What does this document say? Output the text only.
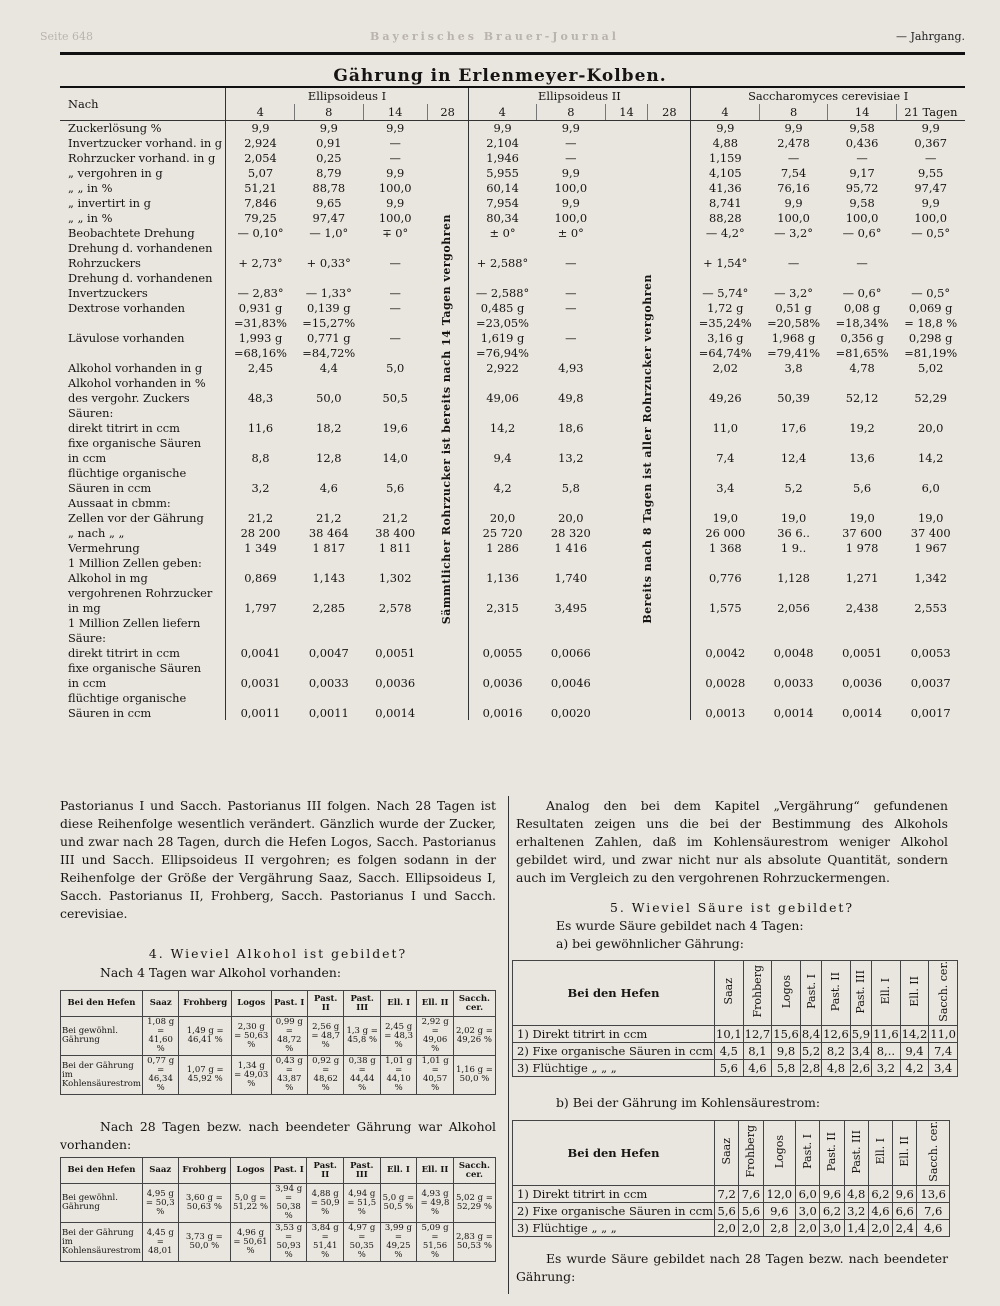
Seite 648	Bayerisches Brauer-Journal	— Jahrgang.
Gährung in Erlenmeyer-Kolben.
Nach	Ellipsoideus I				Ellipsoideus II				Saccharomyces cerevisiae I			
	4	8	14	28	4	8	14	28	4	8	14	21 Tagen
Zuckerlösung %	9,9	9,9	9,9	Sämmtlicher Rohrzucker ist bereits nach 14 Tagen vergohren	9,9	9,9	Bereits nach 8 Tagen ist aller Rohrzucker vergohren		9,9	9,9	9,58	9,9
Invertzucker vorhand. in g	2,924	0,91	—		2,104	—			4,88	2,478	0,436	0,367
Rohrzucker vorhand. in g	2,054	0,25	—		1,946	—			1,159	—	—	—
„ vergohren in g	5,07	8,79	9,9		5,955	9,9			4,105	7,54	9,17	9,55
„ „ in %	51,21	88,78	100,0		60,14	100,0			41,36	76,16	95,72	97,47
„ invertirt in g	7,846	9,65	9,9		7,954	9,9			8,741	9,9	9,58	9,9
„ „ in %	79,25	97,47	100,0		80,34	100,0			88,28	100,0	100,0	100,0
Beobachtete Drehung	— 0,10°	— 1,0°	∓ 0°		± 0°	± 0°			— 4,2°	— 3,2°	— 0,6°	— 0,5°
Drehung d. vorhandenen												
Rohrzuckers	+ 2,73°	+ 0,33°	—		+ 2,588°	—			+ 1,54°	—	—	
Drehung d. vorhandenen												
Invertzuckers	— 2,83°	— 1,33°	—		— 2,588°	—			— 5,74°	— 3,2°	— 0,6°	— 0,5°
Dextrose vorhanden	0,931 g	0,139 g	—		0,485 g	—			1,72 g	0,51 g	0,08 g	0,069 g
	=31,83%	=15,27%			=23,05%				=35,24%	=20,58%	=18,34%	= 18,8 %
Lävulose vorhanden	1,993 g	0,771 g	—		1,619 g	—			3,16 g	1,968 g	0,356 g	0,298 g
	=68,16%	=84,72%			=76,94%				=64,74%	=79,41%	=81,65%	=81,19%
Alkohol vorhanden in g	2,45	4,4	5,0		2,922	4,93			2,02	3,8	4,78	5,02
Alkohol vorhanden in %												
des vergohr. Zuckers	48,3	50,0	50,5		49,06	49,8			49,26	50,39	52,12	52,29
Säuren:												
direkt titrirt in ccm	11,6	18,2	19,6		14,2	18,6			11,0	17,6	19,2	20,0
fixe organische Säuren												
in ccm	8,8	12,8	14,0		9,4	13,2			7,4	12,4	13,6	14,2
flüchtige organische												
Säuren in ccm	3,2	4,6	5,6		4,2	5,8			3,4	5,2	5,6	6,0
Aussaat in cbmm:												
Zellen vor der Gährung	21,2	21,2	21,2		20,0	20,0			19,0	19,0	19,0	19,0
„ nach „ „	28 200	38 464	38 400		25 720	28 320			26 000	36 6..	37 600	37 400
Vermehrung	1 349	1 817	1 811		1 286	1 416			1 368	1 9..	1 978	1 967
1 Million Zellen geben:												
Alkohol in mg	0,869	1,143	1,302		1,136	1,740			0,776	1,128	1,271	1,342
vergohrenen Rohrzucker												
in mg	1,797	2,285	2,578		2,315	3,495			1,575	2,056	2,438	2,553
1 Million Zellen liefern												
Säure:												
direkt titrirt in ccm	0,0041	0,0047	0,0051		0,0055	0,0066			0,0042	0,0048	0,0051	0,0053
fixe organische Säuren												
in ccm	0,0031	0,0033	0,0036		0,0036	0,0046			0,0028	0,0033	0,0036	0,0037
flüchtige organische												
Säuren in ccm	0,0011	0,0011	0,0014		0,0016	0,0020			0,0013	0,0014	0,0014	0,0017
Pastorianus I und Sacch. Pastorianus III folgen. Nach 28 Tagen ist diese Reihenfolge wesentlich verändert. Gänzlich wurde der Zucker, und zwar nach 28 Tagen, durch die Hefen Logos, Sacch. Pastorianus III und Sacch. Ellipsoideus II vergohren; es folgen sodann in der Reihenfolge der Größe der Vergährung Saaz, Sacch. Ellipsoideus I, Sacch. Pastorianus II, Frohberg, Sacch. Pastorianus I und Sacch. cerevisiae.
4. Wieviel Alkohol ist gebildet?
Nach 4 Tagen war Alkohol vorhanden:
Bei den Hefen	Saaz	Frohberg	Logos	Past. I	Past. II	Past. III	Ell. I	Ell. II	Sacch. cer.
Bei gewöhnl. Gährung	1,08 g = 41,60 %	1,49 g = 46,41 %	2,30 g = 50,63 %	0,99 g = 48,72 %	2,56 g = 48,7 %	1,3 g = 45,8 %	2,45 g = 48,3 %	2,92 g = 49,06 %	2,02 g = 49,26 %
Bei der Gährung im Kohlensäurestrom	0,77 g = 46,34 %	1,07 g = 45,92 %	1,34 g = 49,03 %	0,43 g = 43,87 %	0,92 g = 48,62 %	0,38 g = 44,44 %	1,01 g = 44,10 %	1,01 g = 40,57 %	1,16 g = 50,0 %
Nach 28 Tagen bezw. nach beendeter Gährung war Alkohol vorhanden:
Bei den Hefen	Saaz	Frohberg	Logos	Past. I	Past. II	Past. III	Ell. I	Ell. II	Sacch. cer.
Bei gewöhnl. Gährung	4,95 g = 50,3 %	3,60 g = 50,63 %	5,0 g = 51,22 %	3,94 g = 50,38 %	4,88 g = 50,9 %	4,94 g = 51,5 %	5,0 g = 50,5 %	4,93 g = 49,8 %	5,02 g = 52,29 %
Bei der Gährung im Kohlensäurestrom	4,45 g = 48,01	3,73 g = 50,0 %	4,96 g = 50,61 %	3,53 g = 50,93 %	3,84 g = 51,41 %	4,97 g = 50,35 %	3,99 g = 49,25 %	5,09 g = 51,56 %	2,83 g = 50,53 %
Analog den bei dem Kapitel „Vergährung“ gefundenen Resultaten zeigen uns die bei der Bestimmung des Alkohols erhaltenen Zahlen, daß im Kohlensäurestrom weniger Alkohol gebildet wird, und zwar nicht nur als absolute Quantität, sondern auch im Vergleich zu den vergohrenen Rohrzuckermengen.
5. Wieviel Säure ist gebildet?
Es wurde Säure gebildet nach 4 Tagen:
a) bei gewöhnlicher Gährung:
Bei den Hefen	Saaz	Frohberg	Logos	Past. I	Past. II	Past. III	Ell. I	Ell. II	Sacch. cer.
1) Direkt titrirt in ccm	10,1	12,7	15,6	8,4	12,6	5,9	11,6	14,2	11,0
2) Fixe organische Säuren in ccm	4,5	8,1	9,8	5,2	8,2	3,4	8,..	9,4	7,4
3) Flüchtige „ „ „	5,6	4,6	5,8	2,8	4,8	2,6	3,2	4,2	3,4
b) Bei der Gährung im Kohlensäurestrom:
Bei den Hefen	Saaz	Frohberg	Logos	Past. I	Past. II	Past. III	Ell. I	Ell. II	Sacch. cer.
1) Direkt titrirt in ccm	7,2	7,6	12,0	6,0	9,6	4,8	6,2	9,6	13,6
2) Fixe organische Säuren in ccm	5,6	5,6	9,6	3,0	6,2	3,2	4,6	6,6	7,6
3) Flüchtige „ „ „	2,0	2,0	2,8	2,0	3,0	1,4	2,0	2,4	4,6
Es wurde Säure gebildet nach 28 Tagen bezw. nach beendeter Gährung:
